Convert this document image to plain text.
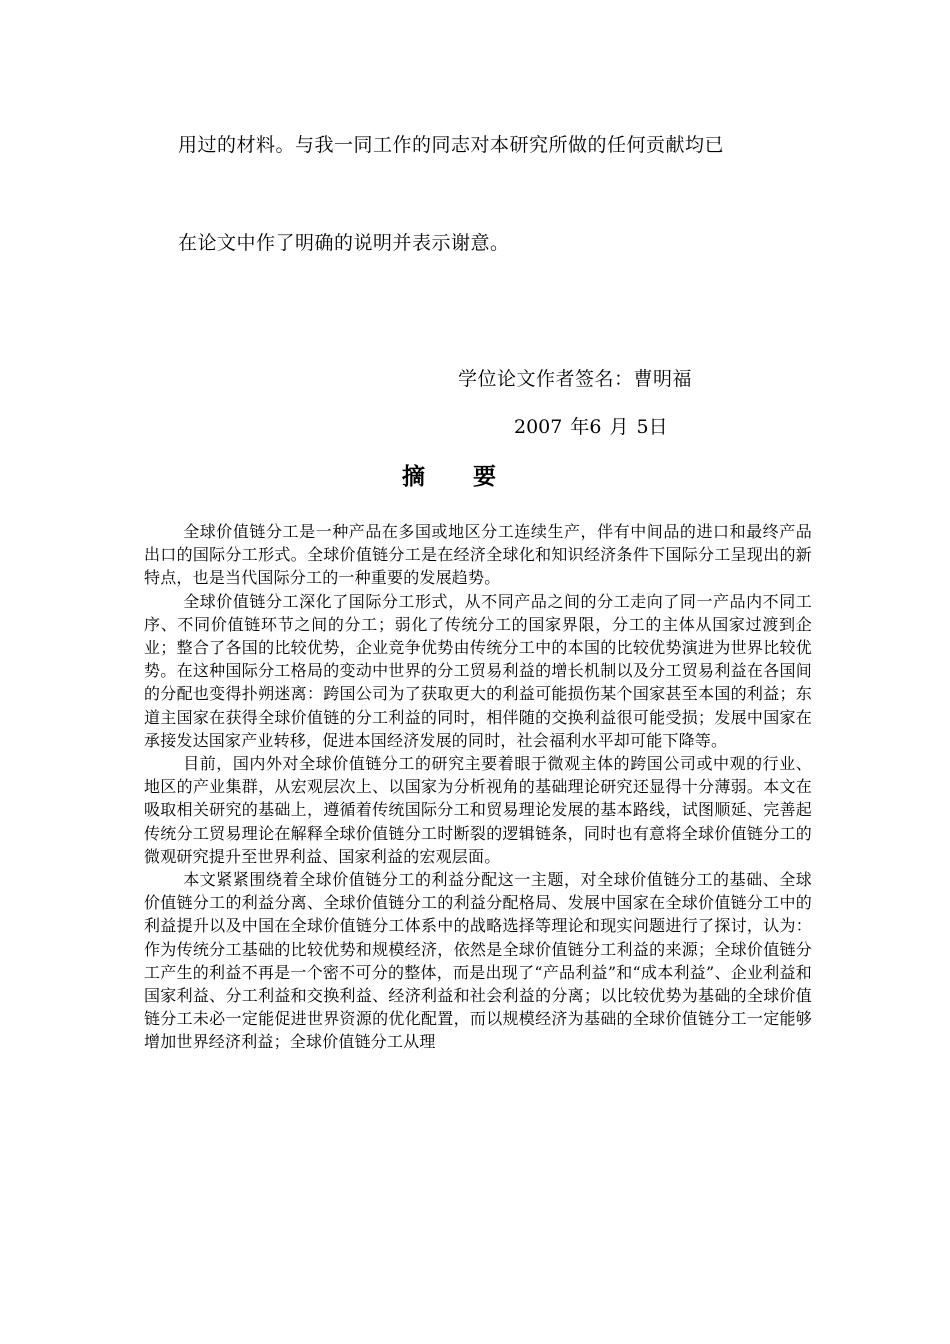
用过的材料。与我一同工作的同志对本研究所做的任何贡献均已
在论文中作了明确的说明并表示谢意。
学位论文作者签名：曹明福
2007 年6 月 5日
摘 要

全球价值链分工是一种产品在多国或地区分工连续生产，伴有中间品的进口和最终产品出口的国际分工形式。全球价值链分工是在经济全球化和知识经济条件下国际分工呈现出的新特点，也是当代国际分工的一种重要的发展趋势。

全球价值链分工深化了国际分工形式，从不同产品之间的分工走向了同一产品内不同工序、不同价值链环节之间的分工；弱化了传统分工的国家界限，分工的主体从国家过渡到企业；整合了各国的比较优势，企业竞争优势由传统分工中的本国的比较优势演进为世界比较优势。在这种国际分工格局的变动中世界的分工贸易利益的增长机制以及分工贸易利益在各国间的分配也变得扑朔迷离：跨国公司为了获取更大的利益可能损伤某个国家甚至本国的利益；东道主国家在获得全球价值链的分工利益的同时，相伴随的交换利益很可能受损；发展中国家在承接发达国家产业转移，促进本国经济发展的同时，社会福利水平却可能下降等。

目前，国内外对全球价值链分工的研究主要着眼于微观主体的跨国公司或中观的行业、地区的产业集群，从宏观层次上、以国家为分析视角的基础理论研究还显得十分薄弱。本文在吸取相关研究的基础上，遵循着传统国际分工和贸易理论发展的基本路线，试图顺延、完善起传统分工贸易理论在解释全球价值链分工时断裂的逻辑链条，同时也有意将全球价值链分工的微观研究提升至世界利益、国家利益的宏观层面。

本文紧紧围绕着全球价值链分工的利益分配这一主题，对全球价值链分工的基础、全球价值链分工的利益分离、全球价值链分工的利益分配格局、发展中国家在全球价值链分工中的利益提升以及中国在全球价值链分工体系中的战略选择等理论和现实问题进行了探讨，认为：作为传统分工基础的比较优势和规模经济，依然是全球价值链分工利益的来源；全球价值链分工产生的利益不再是一个密不可分的整体，而是出现了“产品利益”和“成本利益”、企业利益和国家利益、分工利益和交换利益、经济利益和社会利益的分离；以比较优势为基础的全球价值链分工未必一定能促进世界资源的优化配置，而以规模经济为基础的全球价值链分工一定能够增加世界经济利益；全球价值链分工从理
